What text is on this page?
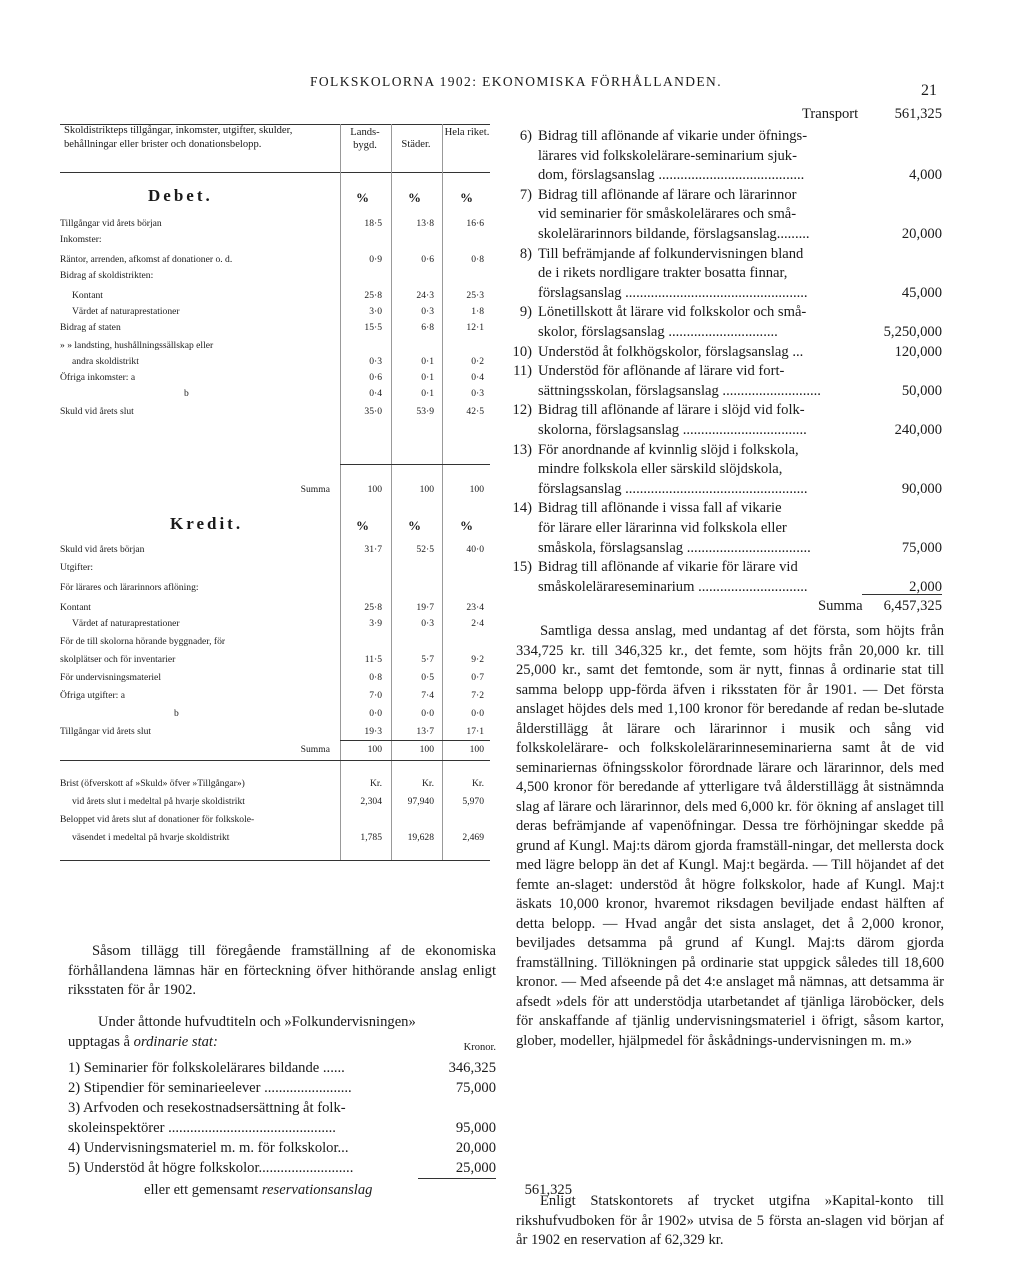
FOLKSKOLORNA 1902: EKONOMISKA FÖRHÅLLANDEN.
21
Skoldistrikteps tillgångar, inkomster, utgifter, skulder, behållningar eller brister och donationsbelopp.
Lands-bygd.	Städer.
Hela riket.
Debet.	%	%	%
Tillgångar vid årets början	18·5	13·8	16·6
Inkomster:
Räntor, arrenden, afkomst af donationer o. d.	0·9	0·6	0·8
Bidrag af skoldistrikten:
Kontant	25·8	24·3	25·3
Värdet af naturaprestationer	3·0	0·3	1·8
Bidrag af staten	15·5	6·8	12·1
» » landsting, hushållningssällskap eller
andra skoldistrikt	0·3	0·1	0·2
Öfriga inkomster: a	0·6	0·1	0·4
b	0·4	0·1	0·3
Skuld vid årets slut	35·0	53·9	42·5
Summa	100	100	100
Kredit.	%	%	%
Skuld vid årets början	31·7	52·5	40·0
Utgifter:
För lärares och lärarinnors aflöning:
Kontant	25·8	19·7	23·4
Värdet af naturaprestationer	3·9	0·3	2·4
För de till skolorna hörande byggnader, för
skolplätser och för inventarier	11·5	5·7	9·2
För undervisningsmateriel	0·8	0·5	0·7
Öfriga utgifter: a	7·0	7·4	7·2
b	0·0	0·0	0·0
Tillgångar vid årets slut	19·3	13·7	17·1
Summa	100	100	100
Brist (öfverskott af »Skuld» öfver »Tillgångar»)	Kr.	Kr.	Kr.
vid årets slut i medeltal på hvarje skoldistrikt	2,304	97,940	5,970
Beloppet vid årets slut af donationer för folkskole-
väsendet i medeltal på hvarje skoldistrikt	1,785	19,628	2,469
Såsom tillägg till föregående framställning af de ekonomiska förhållandena lämnas här en förteckning öfver hithörande anslag enligt riksstaten för år 1902.
Under åttonde hufvudtiteln och »Folkundervisningen»
upptagas å ordinarie stat:	Kronor.
1) Seminarier för folkskolelärares bildande ......	346,325
2) Stipendier för seminarieelever ........................	75,000
3) Arfvoden och resekostnadsersättning åt folk-
skoleinspektörer ..............................................	95,000
4) Undervisningsmateriel m. m. för folkskolor...	20,000
5) Understöd åt högre folkskolor..........................	25,000
eller ett gemensamt reservationsanslag	561,325
Transport 561,325
6) Bidrag till aflönande af vikarie under öfnings-
lärares vid folkskolelärare-seminarium sjuk-
dom, förslagsanslag ........................................	4,000
7) Bidrag till aflönande af lärare och lärarinnor
vid seminarier för småskolelärares och små-
skolelärarinnors bildande, förslagsanslag.........	20,000
8) Till befrämjande af folkundervisningen bland
de i rikets nordligare trakter bosatta finnar,
förslagsanslag ..................................................	45,000
9) Lönetillskott åt lärare vid folkskolor och små-
skolor, förslagsanslag ..............................	5,250,000
10) Understöd åt folkhögskolor, förslagsanslag ...	120,000
11) Understöd för aflönande af lärare vid fort-
sättningsskolan, förslagsanslag ...........................	50,000
12) Bidrag till aflönande af lärare i slöjd vid folk-
skolorna, förslagsanslag ..................................	240,000
13) För anordnande af kvinnlig slöjd i folkskola,
mindre folkskola eller särskild slöjdskola,
förslagsanslag ..................................................	90,000
14) Bidrag till aflönande i vissa fall af vikarie
för lärare eller lärarinna vid folkskola eller
småskola, förslagsanslag ..................................	75,000
15) Bidrag till aflönande af vikarie för lärare vid
småskolelärareseminarium ..............................	2,000
Summa 6,457,325
Samtliga dessa anslag, med undantag af det första, som höjts från 334,725 kr. till 346,325 kr., det femte, som höjts från 20,000 kr. till 25,000 kr., samt det femtonde, som är nytt, finnas å ordinarie stat till samma belopp upp-förda äfven i riksstaten för år 1901. — Det första anslaget höjdes dels med 1,100 kronor för beredande af redan be-slutade ålderstillägg åt lärare och lärarinnor i musik och sång vid folkskolelärare- och folkskolelärarinneseminarierna samt åt de vid seminariernas öfningsskolor förordnade lärare och lärarinnor, dels med 4,500 kronor för beredande af ytterligare två ålderstillägg åt sistnämnda slag af lärare och lärarinnor, dels med 6,000 kr. för ökning af anslaget till deras befrämjande af vapenöfningar. Dessa tre förhöjningar skedde på grund af Kungl. Maj:ts därom gjorda framställ-ningar, det mellersta dock med lägre belopp än det af Kungl. Maj:t begärda. — Till höjandet af det femte an-slaget: understöd åt högre folkskolor, hade af Kungl. Maj:t äskats 10,000 kronor, hvaremot riksdagen beviljade endast hälften af detta belopp. — Hvad angår det sista anslaget, det å 2,000 kronor, beviljades detsamma på grund af Kungl. Maj:ts därom gjorda framställning. Tillökningen på ordinarie stat uppgick således till 18,600 kronor. — Med afseende på det 4:e anslaget må nämnas, att detsamma är afsedt »dels för att understödja utarbetandet af tjänliga läroböcker, dels för anskaffande af tjänlig undervisningsmateriel i öfrigt, såsom kartor, glober, modeller, hjälpmedel för åskådnings-undervisningen m. m.»
Enligt Statskontorets af trycket utgifna »Kapital-konto till rikshufvudboken för år 1902» utvisa de 5 första an-slagen vid början af år 1902 en reservation af 62,329 kr.
